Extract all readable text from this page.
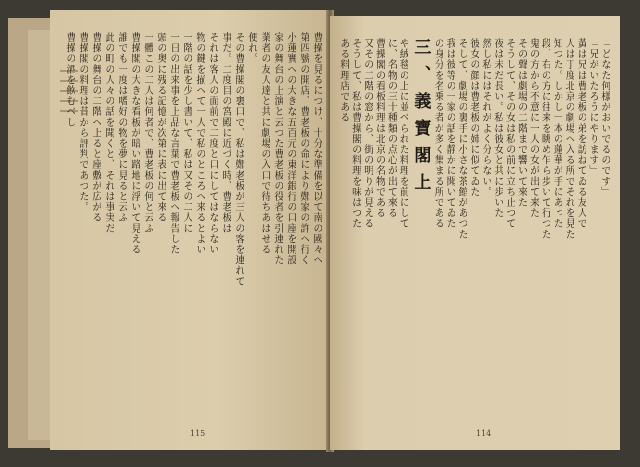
曹操を見るにつけ、十分な準備を以て南の國々へ
第四號の開店、曹老板の命により鄭家の許へ行く
小蓮實への大きな五百元の東洋銀行の口座を開設
家の舞台の上演と云つた曹老板の役者を引連れた
業者の友人達と共に劇場の入口で待ちあはせる
便れ。
その曹操閣の裏口で、私は鄭老板が三人の客を連れて
事だ。二度目の宮殿に近づく時、曹老板は
それは客人の面前で二度と口にしてはならない
物の鍵を揃へて一人で私のところへ来るとよい
一階の話を少し書いて、私は又その二人に
一日の出来事を上品な言葉で曹老板へ報告した
頭の奥に残る記憶が次第に表に出て來る
一體この二人は何者で、曹老板の何と云ふ
曹操閣の大きな看板が暗い路地に浮いて見える
誰でも一度は嗜好の物を夢に見ると云ふ
此の町の人々の話を聞くと、それは事実だ
曹操の舞台の二階へ上ると座敷が広がる
曹操閣の料理は昔から評判であつた。
曹操の酒を飲むべし
115
「どなた何様がおいでるのです」
「兄がいたろうにやります」
黃は兄は曹老板の弟を訪ねてゐる友人で
人は丁度北京の劇場へ入る所でそれを見た
知つた。しかし一本の蓮華が手にあった
段、右の方に往来を眺め乍ら歩いて行つた
鬼の方から不意に一人の女が出て来た
その聲は劇場の二階まで響いて來た
そうして、その女は私の前に立ち止つて
夜は未だ長い。私は彼女と共に歩いた
然し私にはそれがよく分らない。
彼女の顔は曹老板の姉に似てゐた
そして、劇場の裏手に小さな茶館があつた
我は彼等の一家の話を静かに聞いてゐた
の身分を名乗る者が多く集まる所である
三、義寶閣上
や絨毯の上に並べられた料理を前にして
に、名物の三十種類の点心が出て來る
曹操閣の看板料理は北京の名物である
又その二階の窓から、街の明りが見える
そうして、私は曹操閣の料理を味はつた
ある料理店である
114
